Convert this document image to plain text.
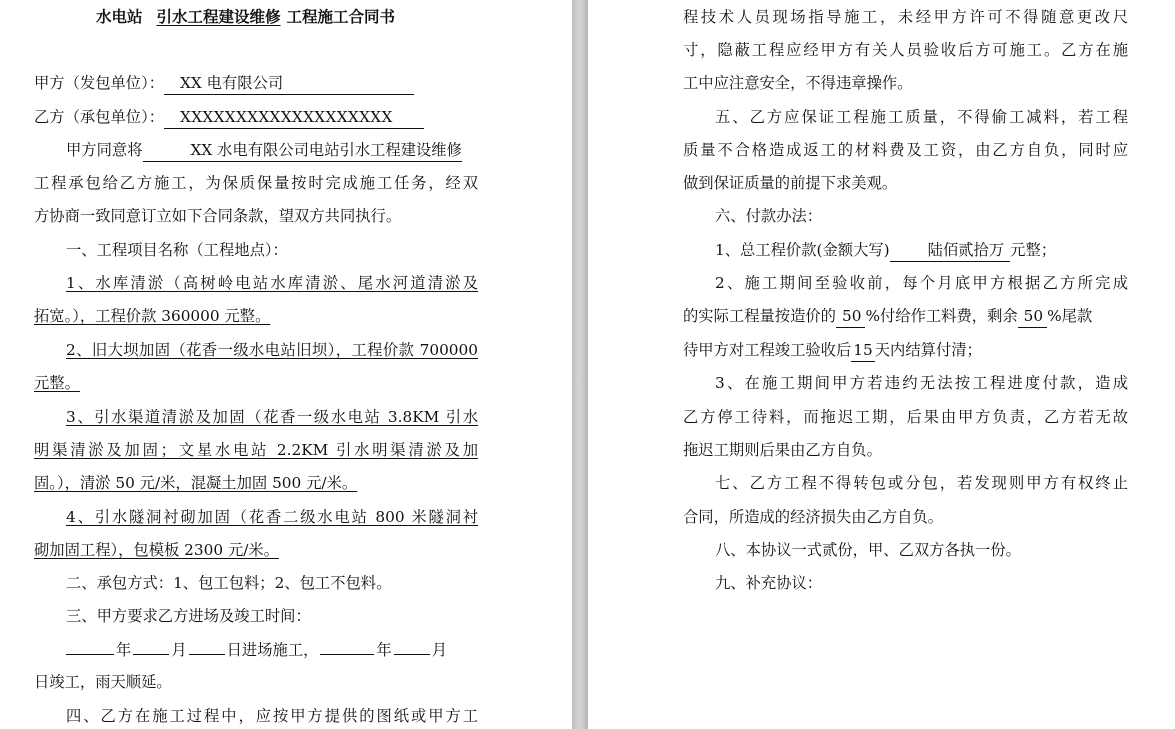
水电站 引水工程建设维修 工程施工合同书
甲方（发包单位）： XX 电有限公司
乙方（承包单位）： XXXXXXXXXXXXXXXXXXX
甲方同意将	XX 水电有限公司电站引水工程建设维修
工程承包给乙方施工，为保质保量按时完成施工任务，经双
方协商一致同意订立如下合同条款，望双方共同执行。
一、工程项目名称（工程地点）：
1、水库清淤（高树岭电站水库清淤、尾水河道清淤及
拓宽。），工程价款 360000 元整。
2、旧大坝加固（花香一级水电站旧坝），工程价款 700000
元整。
3、引水渠道清淤及加固（花香一级水电站 3.8KM 引水
明渠清淤及加固；文星水电站 2.2KM 引水明渠清淤及加
固。），清淤 50 元/米，混凝土加固 500 元/米。
4、引水隧洞衬砌加固（花香二级水电站 800 米隧洞衬
砌加固工程），包模板 2300 元/米。
二、承包方式：1、包工包料；2、包工不包料。
三、甲方要求乙方进场及竣工时间：
年	月	日进场施工，	年	月
日竣工，雨天顺延。
四、乙方在施工过程中，应按甲方提供的图纸或甲方工
程技术人员现场指导施工，未经甲方许可不得随意更改尺
寸，隐蔽工程应经甲方有关人员验收后方可施工。乙方在施
工中应注意安全，不得违章操作。
五、乙方应保证工程施工质量，不得偷工减料，若工程
质量不合格造成返工的材料费及工资，由乙方自负，同时应
做到保证质量的前提下求美观。
六、付款办法：
1、总工程价款(金额大写) 陆佰贰拾万 元整；
2、施工期间至验收前，每个月底甲方根据乙方所完成
的实际工程量按造价的 50 %付给作工料费，剩余 50 %尾款
待甲方对工程竣工验收后 15 天内结算付清；
3、在施工期间甲方若违约无法按工程进度付款，造成
乙方停工待料，而拖迟工期，后果由甲方负责，乙方若无故
拖迟工期则后果由乙方自负。
七、乙方工程不得转包或分包，若发现则甲方有权终止
合同，所造成的经济损失由乙方自负。
八、本协议一式贰份，甲、乙双方各执一份。
九、补充协议：
